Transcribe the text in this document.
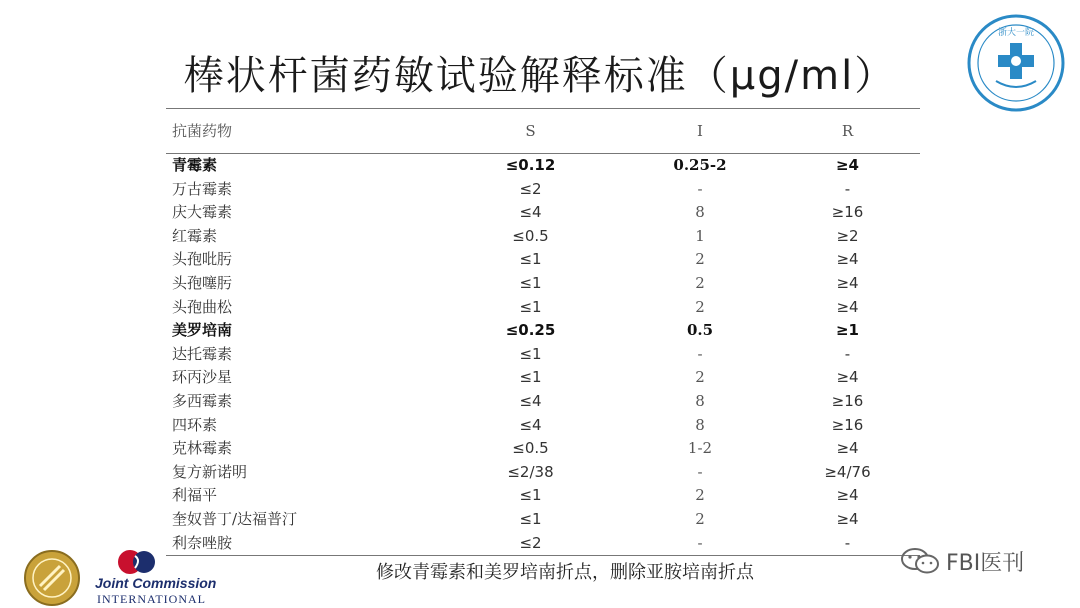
棒状杆菌药敏试验解释标准（μg/ml）
浙大一院
抗菌药物	S	I	R
青霉素	≤0.12	0.25-2	≥4
万古霉素	≤2	-	-
庆大霉素	≤4	8	≥16
红霉素	≤0.5	1	≥2
头孢吡肟	≤1	2	≥4
头孢噻肟	≤1	2	≥4
头孢曲松	≤1	2	≥4
美罗培南	≤0.25	0.5	≥1
达托霉素	≤1	-	-
环丙沙星	≤1	2	≥4
多西霉素	≤4	8	≥16
四环素	≤4	8	≥16
克林霉素	≤0.5	1-2	≥4
复方新诺明	≤2/38	-	≥4/76
利福平	≤1	2	≥4
奎奴普丁/达福普汀	≤1	2	≥4
利奈唑胺	≤2	-	-
修改青霉素和美罗培南折点，删除亚胺培南折点
Joint Commission
INTERNATIONAL
FBI医刊
